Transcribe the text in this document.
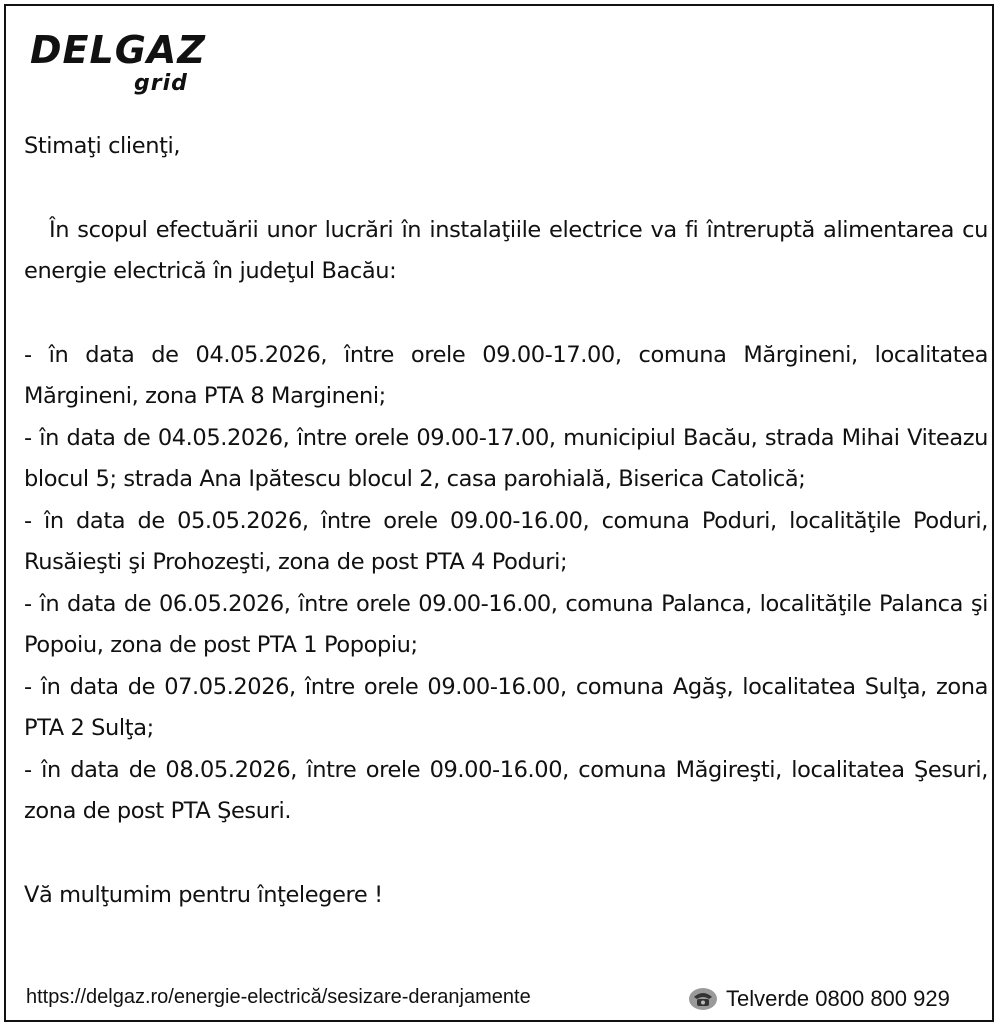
DELGAZ
grid

Stimaţi clienţi,

În scopul efectuării unor lucrări în instalaţiile electrice va fi întreruptă alimentarea cu energie electrică în judeţul Bacău:

- în data de 04.05.2026, între orele 09.00-17.00, comuna Mărgineni, localitatea Mărgineni, zona PTA 8 Margineni;
- în data de 04.05.2026, între orele 09.00-17.00, municipiul Bacău, strada Mihai Viteazu blocul 5; strada Ana Ipătescu blocul 2, casa parohială, Biserica Catolică;
- în data de 05.05.2026, între orele 09.00-16.00, comuna Poduri, localităţile Poduri, Rusăieşti şi Prohozeşti, zona de post PTA 4 Poduri;
- în data de 06.05.2026, între orele 09.00-16.00, comuna Palanca, localităţile Palanca şi Popoiu, zona de post PTA 1 Popopiu;
- în data de 07.05.2026, între orele 09.00-16.00, comuna Agăş, localitatea Sulţa, zona PTA 2 Sulţa;
- în data de 08.05.2026, între orele 09.00-16.00, comuna Măgireşti, localitatea Şesuri, zona de post PTA Şesuri.

Vă mulţumim pentru înţelegere !

https://delgaz.ro/energie-electrică/sesizare-deranjamente	Telverde 0800 800 929
